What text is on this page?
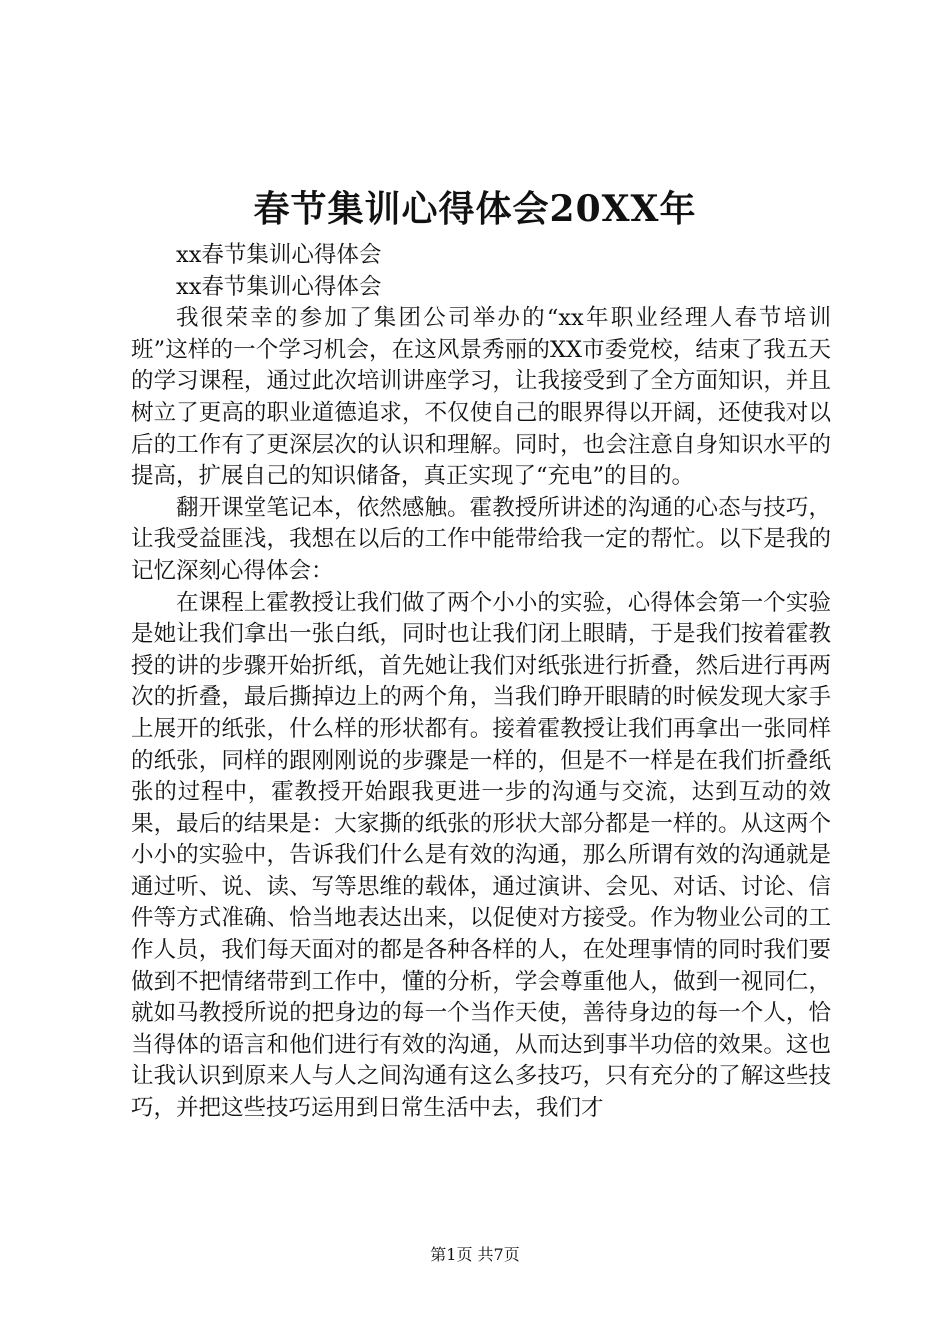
春节集训心得体会20XX年

xx春节集训心得体会

xx春节集训心得体会

我很荣幸的参加了集团公司举办的“xx年职业经理人春节培训班”这样的一个学习机会，在这风景秀丽的XX市委党校，结束了我五天的学习课程，通过此次培训讲座学习，让我接受到了全方面知识，并且树立了更高的职业道德追求，不仅使自己的眼界得以开阔，还使我对以后的工作有了更深层次的认识和理解。同时，也会注意自身知识水平的提高，扩展自己的知识储备，真正实现了“充电”的目的。

翻开课堂笔记本，依然感触。霍教授所讲述的沟通的心态与技巧，让我受益匪浅，我想在以后的工作中能带给我一定的帮忙。以下是我的记忆深刻心得体会：

在课程上霍教授让我们做了两个小小的实验，心得体会第一个实验是她让我们拿出一张白纸，同时也让我们闭上眼睛，于是我们按着霍教授的讲的步骤开始折纸，首先她让我们对纸张进行折叠，然后进行再两次的折叠，最后撕掉边上的两个角，当我们睁开眼睛的时候发现大家手上展开的纸张，什么样的形状都有。接着霍教授让我们再拿出一张同样的纸张，同样的跟刚刚说的步骤是一样的，但是不一样是在我们折叠纸张的过程中，霍教授开始跟我更进一步的沟通与交流，达到互动的效果，最后的结果是：大家撕的纸张的形状大部分都是一样的。从这两个小小的实验中，告诉我们什么是有效的沟通，那么所谓有效的沟通就是通过听、说、读、写等思维的载体，通过演讲、会见、对话、讨论、信件等方式准确、恰当地表达出来，以促使对方接受。作为物业公司的工作人员，我们每天面对的都是各种各样的人，在处理事情的同时我们要做到不把情绪带到工作中，懂的分析，学会尊重他人，做到一视同仁，就如马教授所说的把身边的每一个当作天使，善待身边的每一个人，恰当得体的语言和他们进行有效的沟通，从而达到事半功倍的效果。这也让我认识到原来人与人之间沟通有这么多技巧，只有充分的了解这些技巧，并把这些技巧运用到日常生活中去，我们才

第1页 共7页
